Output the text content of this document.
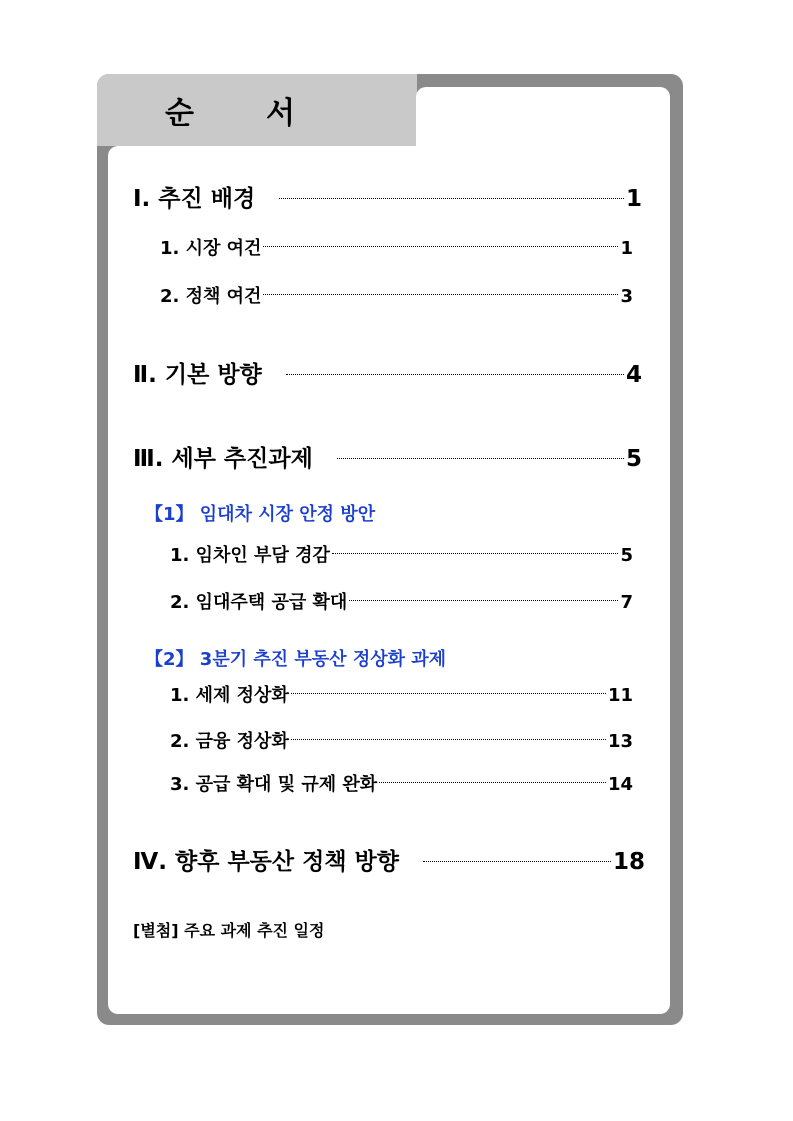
순 서
Ⅰ. 추진 배경	1
1. 시장 여건	1
2. 정책 여건	3
Ⅱ. 기본 방향	4
Ⅲ. 세부 추진과제	5
【1】 임대차 시장 안정 방안
1. 임차인 부담 경감	5
2. 임대주택 공급 확대	7
【2】 3분기 추진 부동산 정상화 과제
1. 세제 정상화	11
2. 금융 정상화	13
3. 공급 확대 및 규제 완화	14
Ⅳ. 향후 부동산 정책 방향	18
[별첨] 주요 과제 추진 일정
